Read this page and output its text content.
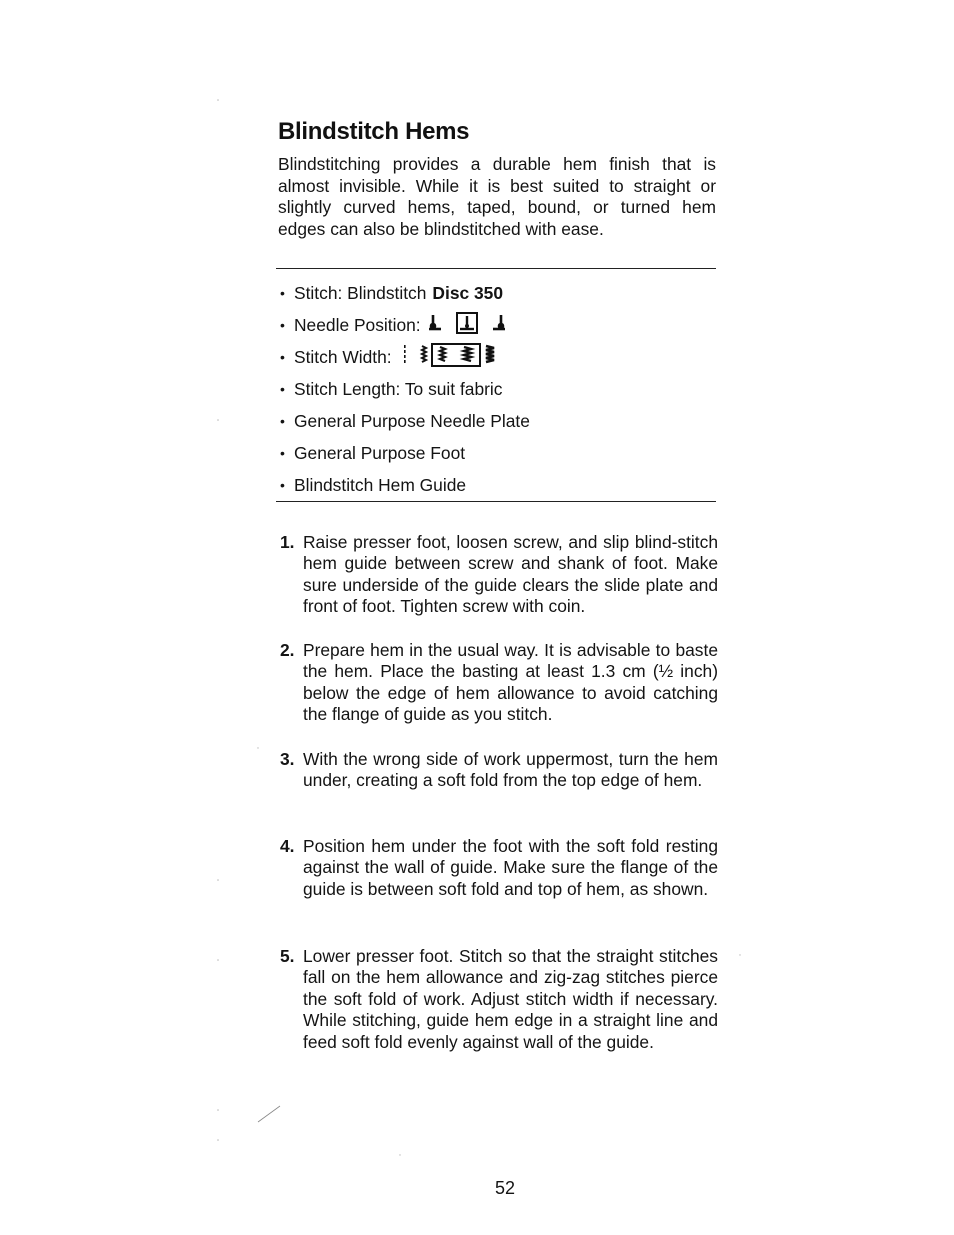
Blindstitch Hems

Blindstitching provides a durable hem finish that is almost invisible. While it is best suited to straight or slightly curved hems, taped, bound, or turned hem edges can also be blindstitched with ease.

• Stitch: Blindstitch Disc 350
• Needle Position:
• Stitch Width:
• Stitch Length: To suit fabric
• General Purpose Needle Plate
• General Purpose Foot
• Blindstitch Hem Guide
1. Raise presser foot, loosen screw, and slip blind-stitch hem guide between screw and shank of foot. Make sure underside of the guide clears the slide plate and front of foot. Tighten screw with coin.
2. Prepare hem in the usual way. It is advisable to baste the hem. Place the basting at least 1.3 cm (½ inch) below the edge of hem allowance to avoid catching the flange of guide as you stitch.
3. With the wrong side of work uppermost, turn the hem under, creating a soft fold from the top edge of hem.
4. Position hem under the foot with the soft fold resting against the wall of guide. Make sure the flange of the guide is between soft fold and top of hem, as shown.
5. Lower presser foot. Stitch so that the straight stitches fall on the hem allowance and zig-zag stitches pierce the soft fold of work. Adjust stitch width if necessary. While stitching, guide hem edge in a straight line and feed soft fold evenly against wall of the guide.
52
